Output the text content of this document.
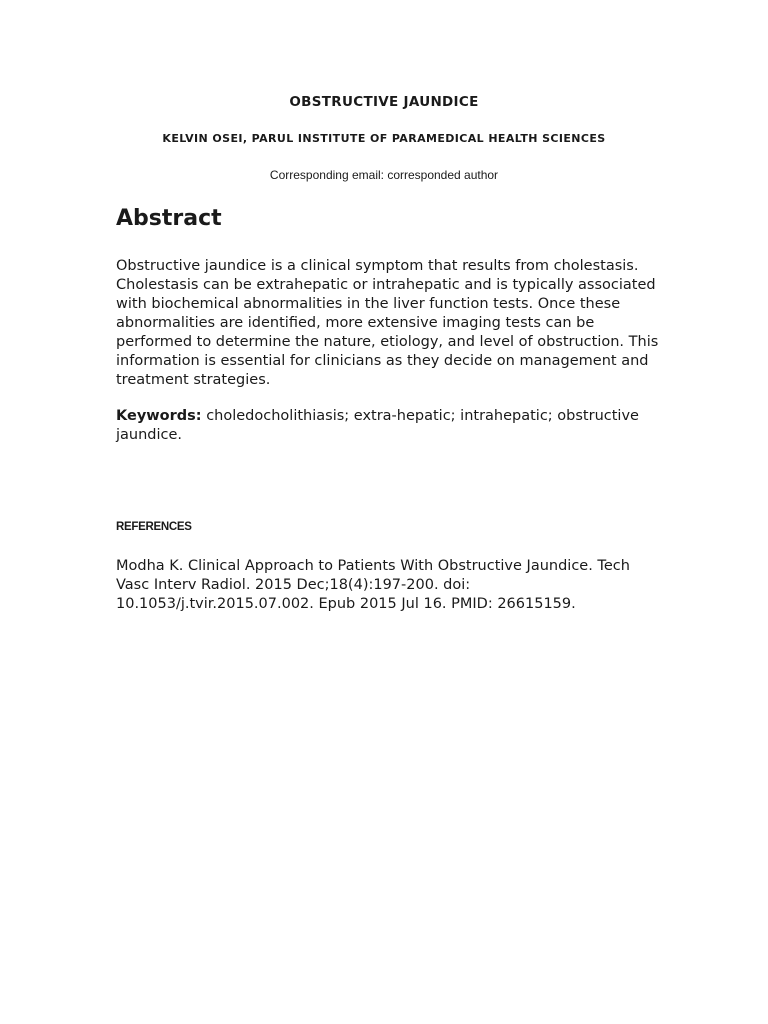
OBSTRUCTIVE JAUNDICE

KELVIN OSEI, PARUL INSTITUTE OF PARAMEDICAL HEALTH SCIENCES

Corresponding email: corresponded author

Abstract

Obstructive jaundice is a clinical symptom that results from cholestasis. Cholestasis can be extrahepatic or intrahepatic and is typically associated with biochemical abnormalities in the liver function tests. Once these abnormalities are identified, more extensive imaging tests can be performed to determine the nature, etiology, and level of obstruction. This information is essential for clinicians as they decide on management and treatment strategies.

Keywords: choledocholithiasis; extra-hepatic; intrahepatic; obstructive jaundice.

REFERENCES

Modha K. Clinical Approach to Patients With Obstructive Jaundice. Tech Vasc Interv Radiol. 2015 Dec;18(4):197-200. doi: 10.1053/j.tvir.2015.07.002. Epub 2015 Jul 16. PMID: 26615159.
